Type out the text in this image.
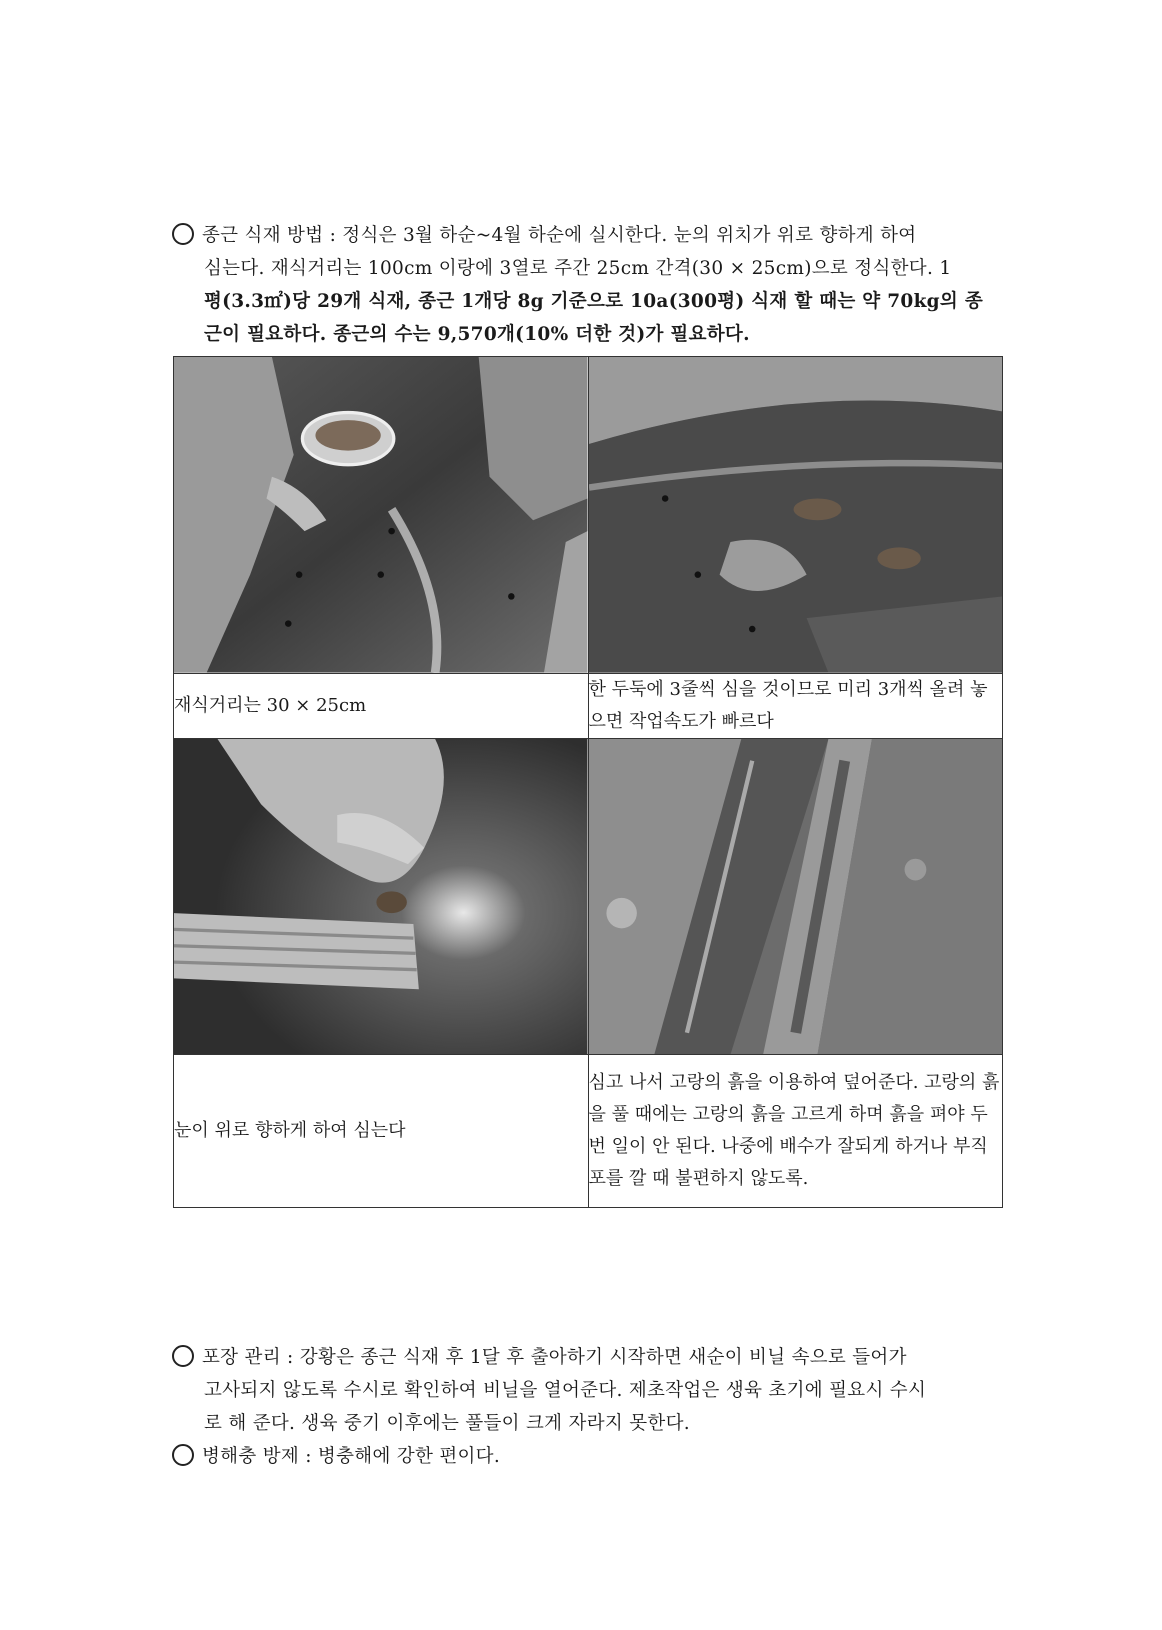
종근 식재 방법 : 정식은 3월 하순~4월 하순에 실시한다. 눈의 위치가 위로 향하게 하여
심는다. 재식거리는 100cm 이랑에 3열로 주간 25cm 간격(30 × 25cm)으로 정식한다. 1
평(3.3㎡)당 29개 식재, 종근 1개당 8g 기준으로 10a(300평) 식재 할 때는 약 70kg의 종
근이 필요하다. 종근의 수는 9,570개(10% 더한 것)가 필요하다.

재식거리는 30 × 25cm	한 두둑에 3줄씩 심을 것이므로 미리 3개씩 올려 놓으면 작업속도가 빠르다

눈이 위로 향하게 하여 심는다	심고 나서 고랑의 흙을 이용하여 덮어준다. 고랑의 흙을 풀 때에는 고랑의 흙을 고르게 하며 흙을 펴야 두 번 일이 안 된다. 나중에 배수가 잘되게 하거나 부직포를 깔 때 불편하지 않도록.
포장 관리 : 강황은 종근 식재 후 1달 후 출아하기 시작하면 새순이 비닐 속으로 들어가
고사되지 않도록 수시로 확인하여 비닐을 열어준다. 제초작업은 생육 초기에 필요시 수시
로 해 준다. 생육 중기 이후에는 풀들이 크게 자라지 못한다.
병해충 방제 : 병충해에 강한 편이다.
